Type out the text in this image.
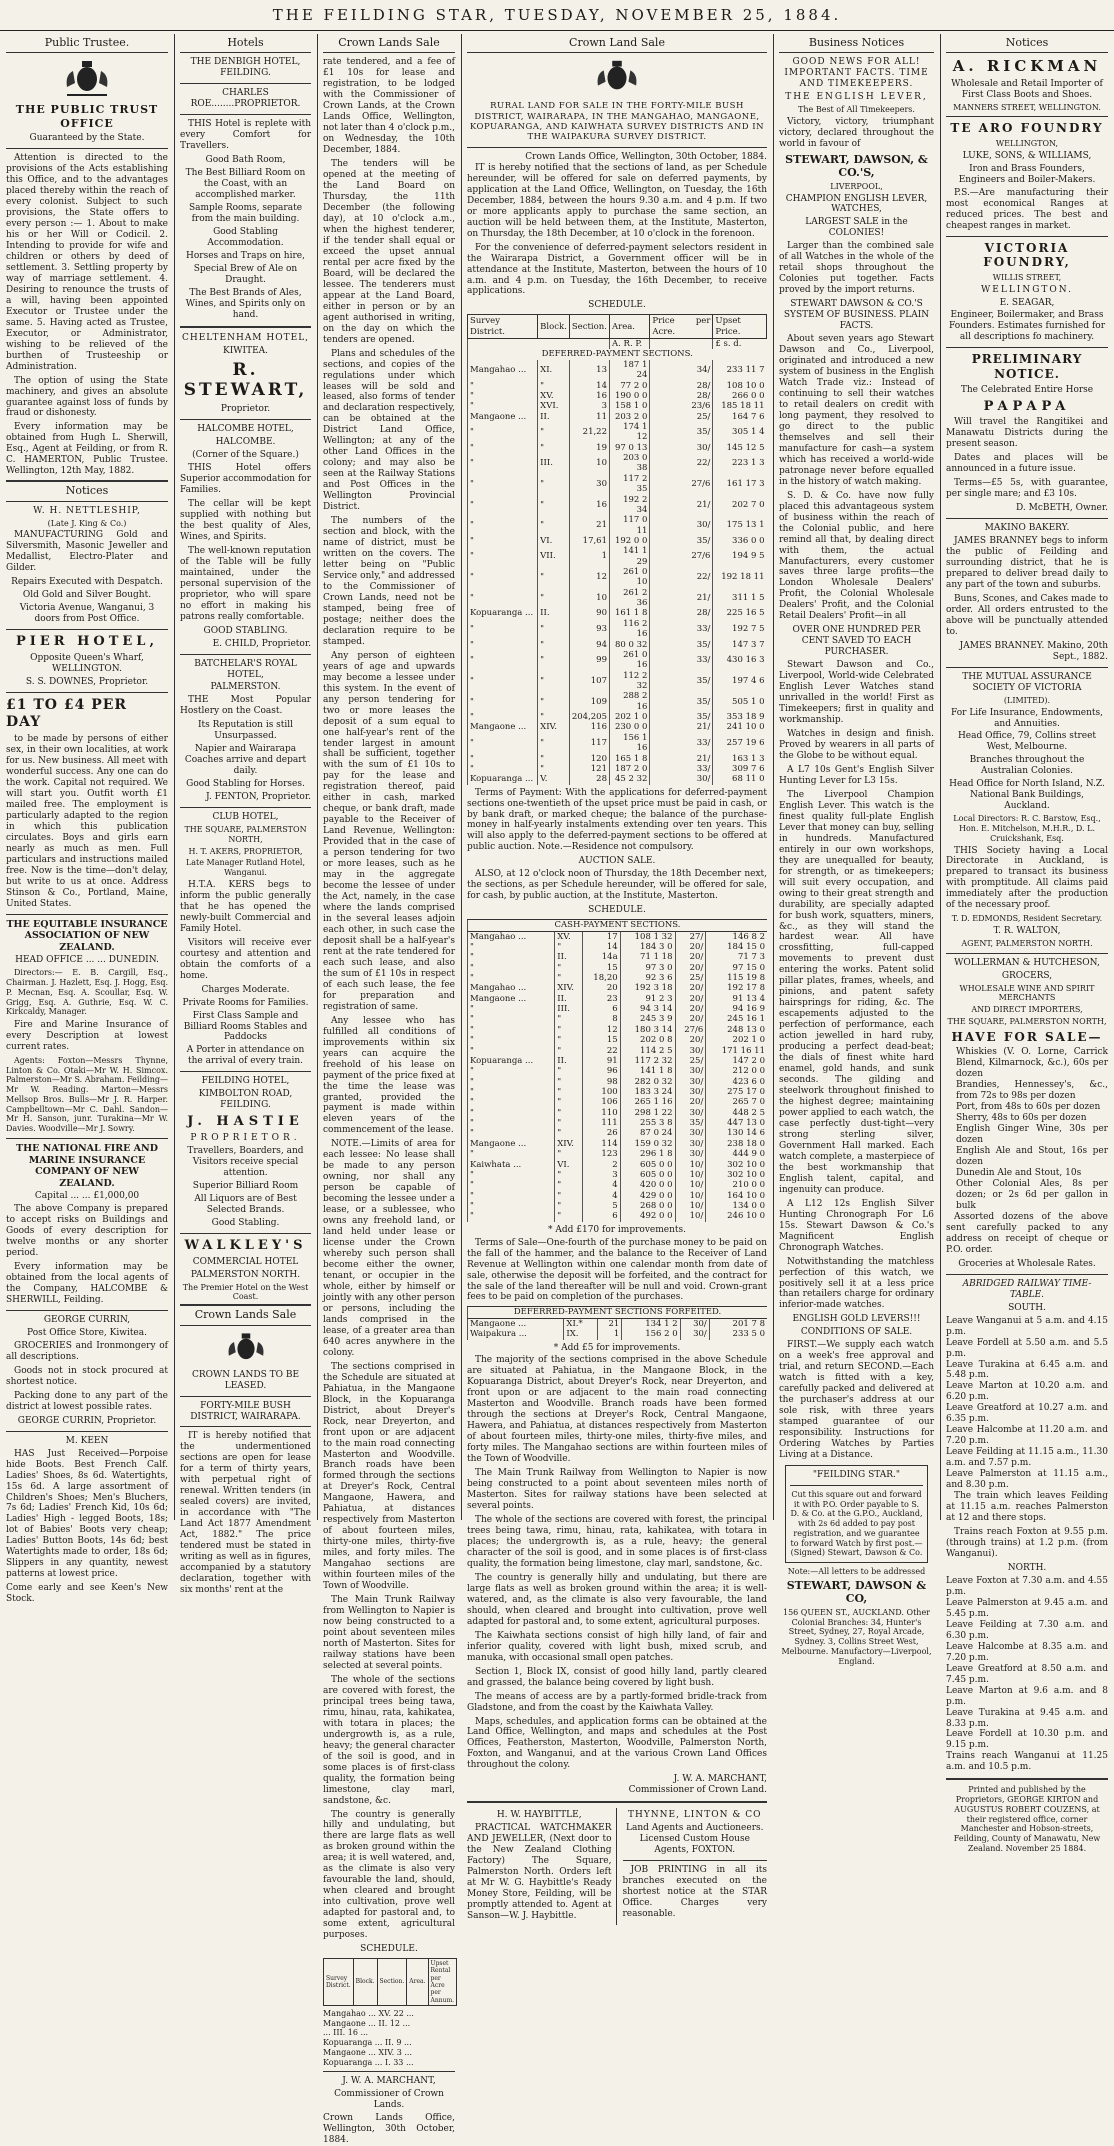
THE FEILDING STAR, TUESDAY, NOVEMBER 25, 1884.
Public Trustee.
THE PUBLIC TRUST OFFICE
Guaranteed by the State.

Attention is directed to the provisions of the Acts establishing this Office, and to the advantages placed thereby within the reach of every colonist. Subject to such provisions, the State offers to every person :— 1. About to make his or her Will or Codicil. 2. Intending to provide for wife and children or others by deed of settlement. 3. Settling property by way of marriage settlement. 4. Desiring to renounce the trusts of a will, having been appointed Executor or Trustee under the same. 5. Having acted as Trustee, Executor, or Administrator, wishing to be relieved of the burthen of Trusteeship or Administration.

The option of using the State machinery, and gives an absolute guarantee against loss of funds by fraud or dishonesty.

Every information may be obtained from Hugh L. Sherwill, Esq., Agent at Feilding, or from R. C. HAMERTON, Public Trustee. Wellington, 12th May, 1882.

Notices
W. H. NETTLESHIP,
(Late J. King & Co.)

MANUFACTURING Gold and Silversmith, Masonic Jeweller and Medallist, Electro-Plater and Gilder.

Repairs Executed with Despatch.
Old Gold and Silver Bought.
Victoria Avenue, Wanganui, 3 doors from Post Office.
PIER HOTEL,
Opposite Queen's Wharf, WELLINGTON.
S. S. DOWNES, Proprietor.
£1 TO £4 PER DAY

to be made by persons of either sex, in their own localities, at work for us. New business. All meet with wonderful success. Any one can do the work. Capital not required. We will start you. Outfit worth £1 mailed free. The employment is particularly adapted to the region in which this publication circulates. Boys and girls earn nearly as much as men. Full particulars and instructions mailed free. Now is the time—don't delay, but write to us at once. Address Stinson & Co., Portland, Maine, United States.

THE EQUITABLE INSURANCE ASSOCIATION OF NEW ZEALAND.
HEAD OFFICE ... ... DUNEDIN.

Directors:— E. B. Cargill, Esq., Chairman. J. Hazlett, Esq. J. Hogg, Esq. P. Mecnan, Esq. A. Scoullar, Esq. W. Grigg, Esq. A. Guthrie, Esq. W. C. Kirkcaldy, Manager.

Fire and Marine Insurance of every Description at lowest current rates.

Agents: Foxton—Messrs Thynne, Linton & Co. Otaki—Mr W. H. Simcox. Palmerston—Mr S. Abraham. Feilding—Mr W. Reading. Marton—Messrs Mellsop Bros. Bulls—Mr J. R. Harper. Campbelltown—Mr C. Dahl. Sandon—Mr H. Sanson, junr. Turakina—Mr W. Davies. Woodville—Mr J. Sowry.

THE NATIONAL FIRE AND MARINE INSURANCE COMPANY OF NEW ZEALAND.
Capital ... ... £1,000,00

The above Company is prepared to accept risks on Buildings and Goods of every description for twelve months or any shorter period.

Every information may be obtained from the local agents of the Company, HALCOMBE & SHERWILL, Feilding.

GEORGE CURRIN,
Post Office Store, Kiwitea.

GROCERIES and Ironmongery of all descriptions.

Goods not in stock procured at shortest notice.

Packing done to any part of the district at lowest possible rates.

GEORGE CURRIN, Proprietor.
M. KEEN

HAS Just Received—Porpoise hide Boots. Best French Calf. Ladies' Shoes, 8s 6d. Watertights, 15s 6d. A large assortment of Children's Shoes; Men's Bluchers, 7s 6d; Ladies' French Kid, 10s 6d; Ladies' High - legged Boots, 18s; lot of Babies' Boots very cheap; Ladies' Button Boots, 14s 6d; best Watertights made to order, 18s 6d; Slippers in any quantity, newest patterns at lowest price.

Come early and see Keen's New Stock.
Hotels
THE DENBIGH HOTEL, FEILDING.
CHARLES ROE........PROPRIETOR.

THIS Hotel is replete with every Comfort for Travellers.

Good Bath Room,
The Best Billiard Room on the Coast, with an accomplished marker.
Sample Rooms, separate from the main building.
Good Stabling Accommodation.
Horses and Traps on hire,
Special Brew of Ale on Draught.
The Best Brands of Ales, Wines, and Spirits only on hand.
CHELTENHAM HOTEL,
KIWITEA.
R. STEWART,
Proprietor.
HALCOMBE HOTEL,
HALCOMBE.
(Corner of the Square.)

THIS Hotel offers Superior accommodation for Families.

The cellar will be kept supplied with nothing but the best quality of Ales, Wines, and Spirits.

The well-known reputation of the Table will be fully maintained, under the personal supervision of the proprietor, who will spare no effort in making his patrons really comfortable.

GOOD STABLING.
E. CHILD, Proprietor.
BATCHELAR'S ROYAL HOTEL,
PALMERSTON.

THE Most Popular Hostlery on the Coast.

Its Reputation is still Unsurpassed.
Napier and Wairarapa Coaches arrive and depart daily.
Good Stabling for Horses.
J. FENTON, Proprietor.
CLUB HOTEL,
THE SQUARE, PALMERSTON NORTH,
H. T. AKERS, PROPRIETOR,
Late Manager Rutland Hotel, Wanganui.

H.T.A. KERS begs to inform the public generally that he has opened the newly-built Commercial and Family Hotel.

Visitors will receive ever courtesy and attention and obtain the comforts of a home.

Charges Moderate.
Private Rooms for Families.
First Class Sample and Billiard Rooms Stables and Paddocks
A Porter in attendance on the arrival of every train.
FEILDING HOTEL,
KIMBOLTON ROAD, FEILDING.
J. HASTIE
PROPRIETOR.
Travellers, Boarders, and Visitors receive special attention.
Superior Billiard Room
All Liquors are of Best Selected Brands.
Good Stabling.
WALKLEY'S
COMMERCIAL HOTEL
PALMERSTON NORTH.
The Premier Hotel on the West Coast.
Crown Lands Sale
CROWN LANDS TO BE LEASED.
FORTY-MILE BUSH DISTRICT, WAIRARAPA.

IT is hereby notified that the undermentioned sections are open for lease for a term of thirty years, with perpetual right of renewal. Written tenders (in sealed covers) are invited, in accordance with "The Land Act 1877 Amendment Act, 1882." The price tendered must be stated in writing as well as in figures, accompanied by a statutory declaration, together with six months' rent at the

Crown Lands Sale

rate tendered, and a fee of £1 10s for lease and registration, to be lodged with the Commissioner of Crown Lands, at the Crown Lands Office, Wellington, not later than 4 o'clock p.m., on Wednesday, the 10th December, 1884.

The tenders will be opened at the meeting of the Land Board on Thursday, the 11th December (the following day), at 10 o'clock a.m., when the highest tenderer, if the tender shall equal or exceed the upset annual rental per acre fixed by the Board, will be declared the lessee. The tenderers must appear at the Land Board, either in person or by an agent authorised in writing, on the day on which the tenders are opened.

Plans and schedules of the sections, and copies of the regulations under which leases will be sold and leased, also forms of tender and declaration respectively, can be obtained at the District Land Office, Wellington; at any of the other Land Offices in the colony; and may also be seen at the Railway Stations and Post Offices in the Wellington Provincial District.

The numbers of the section and block, with the name of district, must be written on the covers. The letter being on "Public Service only," and addressed to the Commissioner of Crown Lands, need not be stamped, being free of postage; neither does the declaration require to be stamped.

Any person of eighteen years of age and upwards may become a lessee under this system. In the event of any person tendering for two or more leases the deposit of a sum equal to one half-year's rent of the tender largest in amount shall be sufficient, together with the sum of £1 10s to pay for the lease and registration thereof, paid either in cash, marked cheque, or bank draft, made payable to the Receiver of Land Revenue, Wellington: Provided that in the case of a person tendering for two or more leases, such as he may in the aggregate become the lessee of under the Act, namely, in the case where the lands comprised in the several leases adjoin each other, in such case the deposit shall be a half-year's rent at the rate tendered for each such lease, and also the sum of £1 10s in respect of each such lease, the fee for preparation and registration of same.

Any lessee who has fulfilled all conditions of improvements within six years can acquire the freehold of his lease on payment of the price fixed at the time the lease was granted, provided the payment is made within eleven years of the commencement of the lease.

NOTE.—Limits of area for each lessee: No lease shall be made to any person owning, nor shall any person be capable of becoming the lessee under a lease, or a sublessee, who owns any freehold land, or land held under lease or license under the Crown whereby such person shall become either the owner, tenant, or occupier in the whole, either by himself or jointly with any other person or persons, including the lands comprised in the lease, of a greater area than 640 acres anywhere in the colony.

The sections comprised in the Schedule are situated at Pahiatua, in the Mangaone Block, in the Kopuaranga District, about Dreyer's Rock, near Dreyerton, and front upon or are adjacent to the main road connecting Masterton and Woodville. Branch roads have been formed through the sections at Dreyer's Rock, Central Mangaone, Hawera, and Pahiatua, at distances respectively from Masterton of about fourteen miles, thirty-one miles, thirty-five miles, and forty miles. The Mangahao sections are within fourteen miles of the Town of Woodville.

The Main Trunk Railway from Wellington to Napier is now being constructed to a point about seventeen miles north of Masterton. Sites for railway stations have been selected at several points.

The whole of the sections are covered with forest, the principal trees being tawa, rimu, hinau, rata, kahikatea, with totara in places; the undergrowth is, as a rule, heavy; the general character of the soil is good, and in some places is of first-class quality, the formation being limestone, clay marl, sandstone, &c.

The country is generally hilly and undulating, but there are large flats as well as broken ground within the area; it is well watered, and, as the climate is also very favourable the land, should, when cleared and brought into cultivation, prove well adapted for pastoral and, to some extent, agricultural purposes.

SCHEDULE.
Survey District.	Block.	Section.	Area.	Upset Rental per Acre per Annum.
Mangahao ... XV. 22 ...
Mangaone ... II. 12 ...
... III. 16 ...
Kopuaranga ... II. 9 ...
Mangaone ... XIV. 3 ...
Kopuaranga ... I. 33 ...
J. W. A. MARCHANT,
Commissioner of Crown Lands.
Crown Lands Office, Wellington, 30th October, 1884.
Crown Land Sale
RURAL LAND FOR SALE IN THE FORTY-MILE BUSH DISTRICT, WAIRARAPA, IN THE MANGAHAO, MANGAONE, KOPUARANGA, AND KAIWHATA SURVEY DISTRICTS AND IN THE WAIPAKURA SURVEY DISTRICT.
Crown Lands Office, Wellington, 30th October, 1884.

IT is hereby notified that the sections of land, as per Schedule hereunder, will be offered for sale on deferred payments, by application at the Land Office, Wellington, on Tuesday, the 16th December, 1884, between the hours 9.30 a.m. and 4 p.m. If two or more applicants apply to purchase the same section, an auction will be held between them, at the Institute, Masterton, on Thursday, the 18th December, at 10 o'clock in the forenoon.

For the convenience of deferred-payment selectors resident in the Wairarapa District, a Government officer will be in attendance at the Institute, Masterton, between the hours of 10 a.m. and 4 p.m. on Tuesday, the 16th December, to receive applications.

SCHEDULE.
Survey District.	Block.	Section.	Area.	Price per Acre.	Upset Price.
			A. R. P.		£ s. d.
DEFERRED-PAYMENT SECTIONS.					
Mangahao ...	XI.	13	187 1 24	34/	233 11 7
"	"	14	77 2 0	28/	108 10 0
"	XV.	16	190 0 0	28/	266 0 0
"	XVI.	3	158 1 0	23/6	185 18 11
Mangaone ...	II.	11	203 2 0	25/	164 7 6
"	"	21,22	174 1 12	35/	305 1 4
"	"	19	97 0 13	30/	145 12 5
"	III.	10	203 0 38	22/	223 1 3
"	"	30	117 2 35	27/6	161 17 3
"	"	16	192 2 34	21/	202 7 0
"	"	21	117 0 11	30/	175 13 1
"	VI.	17,61	192 0 0	35/	336 0 0
"	VII.	1	141 1 29	27/6	194 9 5
"	"	12	261 0 10	22/	192 18 11
"	"	10	261 2 36	21/	311 1 5
Kopuaranga ...	II.	90	161 1 8	28/	225 16 5
"	"	93	116 2 16	33/	192 7 5
"	"	94	80 0 32	35/	147 3 7
"	"	99	261 0 16	33/	430 16 3
"	"	107	112 2 32	35/	197 4 6
"	"	109	288 2 16	35/	505 1 0
"	"	204,205	202 1 0	35/	353 18 9
Mangaone ...	XIV.	116	230 0 0	21/	241 10 0
"	"	117	156 1 16	33/	257 19 6
"	"	120	165 1 8	21/	163 1 3
"	"	121	187 2 0	33/	309 7 6
Kopuaranga ...	V.	28	45 2 32	30/	68 11 0

Terms of Payment: With the applications for deferred-payment sections one-twentieth of the upset price must be paid in cash, or by bank draft, or marked cheque; the balance of the purchase-money in half-yearly instalments extending over ten years. This will also apply to the deferred-payment sections to be offered at public auction. Note.—Residence not compulsory.

AUCTION SALE.

ALSO, at 12 o'clock noon of Thursday, the 18th December next, the sections, as per Schedule hereunder, will be offered for sale, for cash, by public auction, at the Institute, Masterton.

SCHEDULE.
CASH-PAYMENT SECTIONS.					
Mangahao ...	XV.	17	108 1 32	27/	146 8 2
"	"	14	184 3 0	20/	184 15 0
"	II.	14a	71 1 18	20/	71 7 3
"	"	15	97 3 0	20/	97 15 0
"	"	18,20	92 3 6	25/	115 19 8
Mangahao ...	XIV.	20	192 3 18	20/	192 17 8
Mangaone ...	II.	23	91 2 3	20/	91 13 4
"	III.	6	94 3 14	20/	94 16 9
"	"	8	245 3 9	20/	245 16 1
"	"	12	180 3 14	27/6	248 13 0
"	"	15	202 0 8	20/	202 1 0
"	"	22	114 2 5	30/	171 16 11
Kopuaranga ...	II.	91	117 2 32	25/	147 2 0
"	"	96	141 1 8	30/	212 0 0
"	"	98	282 0 32	30/	423 6 0
"	"	100	183 3 24	30/	275 17 0
"	"	106	265 1 16	20/	265 7 0
"	"	110	298 1 22	30/	448 2 5
"	"	111	255 3 8	35/	447 13 0
"	"	26	87 0 24	30/	130 14 6
Mangaone ...	XIV.	114	159 0 32	30/	238 18 0
"	"	123	296 1 8	30/	444 9 0
Kaiwhata ...	VI.	2	605 0 0	10/	302 10 0
"	"	3	605 0 0	10/	302 10 0
"	"	4	420 0 0	10/	210 0 0
"	"	4	429 0 0	10/	164 10 0
"	"	5	268 0 0	10/	134 0 0
"	"	6	492 0 0	10/	246 10 0
* Add £170 for improvements.

Terms of Sale—One-fourth of the purchase money to be paid on the fall of the hammer, and the balance to the Receiver of Land Revenue at Wellington within one calendar month from date of sale, otherwise the deposit will be forfeited, and the contract for the sale of the land thereafter will be null and void. Crown-grant fees to be paid on completion of the purchases.

DEFERRED-PAYMENT SECTIONS FORFEITED.					
Mangaone ...	XI.*	21	134 1 2	30/	201 7 8
Waipakura ...	IX.	1	156 2 0	30/	233 5 0
* Add £5 for improvements.

The majority of the sections comprised in the above Schedule are situated at Pahiatua, in the Mangaone Block, in the Kopuaranga District, about Dreyer's Rock, near Dreyerton, and front upon or are adjacent to the main road connecting Masterton and Woodville. Branch roads have been formed through the sections at Dreyer's Rock, Central Mangaone, Hawera, and Pahiatua, at distances respectively from Masterton of about fourteen miles, thirty-one miles, thirty-five miles, and forty miles. The Mangahao sections are within fourteen miles of the Town of Woodville.

The Main Trunk Railway from Wellington to Napier is now being constructed to a point about seventeen miles north of Masterton. Sites for railway stations have been selected at several points.

The whole of the sections are covered with forest, the principal trees being tawa, rimu, hinau, rata, kahikatea, with totara in places; the undergrowth is, as a rule, heavy; the general character of the soil is good, and in some places is of first-class quality, the formation being limestone, clay marl, sandstone, &c.

The country is generally hilly and undulating, but there are large flats as well as broken ground within the area; it is well-watered, and, as the climate is also very favourable, the land should, when cleared and brought into cultivation, prove well adapted for pastoral and, to some extent, agricultural purposes.

The Kaiwhata sections consist of high hilly land, of fair and inferior quality, covered with light bush, mixed scrub, and manuka, with occasional small open patches.

Section 1, Block IX, consist of good hilly land, partly cleared and grassed, the balance being covered by light bush.

The means of access are by a partly-formed bridle-track from Gladstone, and from the coast by the Kaiwhata Valley.

Maps, schedules, and application forms can be obtained at the Land Office, Wellington, and maps and schedules at the Post Offices, Featherston, Masterton, Woodville, Palmerston North, Foxton, and Wanganui, and at the various Crown Land Offices throughout the colony.

J. W. A. MARCHANT,
Commissioner of Crown Land.
H. W. HAYBITTLE,

PRACTICAL WATCHMAKER AND JEWELLER, (Next door to the New Zealand Clothing Factory) The Square, Palmerston North. Orders left at Mr W. G. Haybittle's Ready Money Store, Feilding, will be promptly attended to. Agent at Sanson—W. J. Haybittle.

THYNNE, LINTON & CO
Land Agents and Auctioneers. Licensed Custom House Agents, FOXTON.

JOB PRINTING in all its branches executed on the shortest notice at the STAR Office. Charges very reasonable.

Business Notices
GOOD NEWS FOR ALL! IMPORTANT FACTS. TIME AND TIMEKEEPERS.
THE ENGLISH LEVER,
The Best of All Timekeepers.

Victory, victory, triumphant victory, declared throughout the world in favour of

STEWART, DAWSON, & CO.'S,
LIVERPOOL,
CHAMPION ENGLISH LEVER, WATCHES,
LARGEST SALE in the COLONIES!

Larger than the combined sale of all Watches in the whole of the retail shops throughout the Colonies put together. Facts proved by the import returns.

STEWART DAWSON & CO.'S SYSTEM OF BUSINESS. PLAIN FACTS.

About seven years ago Stewart Dawson and Co., Liverpool, originated and introduced a new system of business in the English Watch Trade viz.: Instead of continuing to sell their watches to retail dealers on credit with long payment, they resolved to go direct to the public themselves and sell their manufacture for cash—a system which has received a world-wide patronage never before equalled in the history of watch making.

S. D. & Co. have now fully placed this advantageous system of business within the reach of the Colonial public, and here remind all that, by dealing direct with them, the actual Manufacturers, every customer saves three large profits—the London Wholesale Dealers' Profit, the Colonial Wholesale Dealers' Profit, and the Colonial Retail Dealers' Profit—in all

OVER ONE HUNDRED PER CENT SAVED TO EACH PURCHASER.

Stewart Dawson and Co., Liverpool, World-wide Celebrated English Lever Watches stand unrivalled in the world! First as Timekeepers; first in quality and workmanship.

Watches in design and finish. Proved by wearers in all parts of the Globe to be without equal.

A L7 10s Gent's English Silver Hunting Lever for L3 15s.

The Liverpool Champion English Lever. This watch is the finest quality full-plate English Lever that money can buy, selling in hundreds. Manufactured entirely in our own workshops, they are unequalled for beauty, for strength, or as timekeepers; will suit every occupation, and owing to their great strength and durability, are specially adapted for bush work, squatters, miners, &c., as they will stand the hardest wear. All have crossfitting, full-capped movements to prevent dust entering the works. Patent solid pillar plates, frames, wheels, and pinions, and patent safety hairsprings for riding, &c. The escapements adjusted to the perfection of performance, each action jewelled in hard ruby, producing a perfect dead-beat; the dials of finest white hard enamel, gold hands, and sunk seconds. The gilding and steelwork throughout finished to the highest degree; maintaining power applied to each watch, the case perfectly dust-tight—very strong sterling silver, Government Hall marked. Each watch complete, a masterpiece of the best workmanship that English talent, capital, and ingenuity can produce.

A L12 12s English Silver Hunting Chronograph For L6 15s. Stewart Dawson & Co.'s Magnificent English Chronograph Watches.

Notwithstanding the matchless perfection of this watch, we positively sell it at a less price than retailers charge for ordinary inferior-made watches.

ENGLISH GOLD LEVERS!!!
CONDITIONS OF SALE.

FIRST.—We supply each watch on a week's free approval and trial, and return SECOND.—Each watch is fitted with a key, carefully packed and delivered at the purchaser's address at our sole risk, with three years stamped guarantee of our responsibility. Instructions for Ordering Watches by Parties Living at a Distance.

"FEILDING STAR."
Cut this square out and forward it with P.O. Order payable to S. D. & Co. at the G.P.O., Auckland, with 2s 6d added to pay post registration, and we guarantee to forward Watch by first post.—(Signed) Stewart, Dawson & Co.
Note:—All letters to be addressed
STEWART, DAWSON & CO,
156 QUEEN ST., AUCKLAND. Other Colonial Branches: 34, Hunter's Street, Sydney, 27, Royal Arcade, Sydney. 3, Collins Street West, Melbourne. Manufactory—Liverpool, England.
Notices
A. RICKMAN
Wholesale and Retail Importer of First Class Boots and Shoes.
MANNERS STREET, WELLINGTON.
TE ARO FOUNDRY
WELLINGTON,
LUKE, SONS, & WILLIAMS,
Iron and Brass Founders, Engineers and Boiler-Makers.

P.S.—Are manufacturing their most economical Ranges at reduced prices. The best and cheapest ranges in market.

VICTORIA FOUNDRY,
WILLIS STREET,
WELLINGTON.
E. SEAGAR,
Engineer, Boilermaker, and Brass Founders. Estimates furnished for all descriptions fo machinery.
PRELIMINARY NOTICE.
The Celebrated Entire Horse
PAPAPA

Will travel the Rangitikei and Manawatu Districts during the present season.

Dates and places will be announced in a future issue.

Terms—£5 5s, with guarantee, per single mare; and £3 10s.

D. McBETH, Owner.
MAKINO BAKERY.

JAMES BRANNEY begs to inform the public of Feilding and surrounding district, that he is prepared to deliver bread daily to any part of the town and suburbs.

Buns, Scones, and Cakes made to order. All orders entrusted to the above will be punctually attended to.

JAMES BRANNEY. Makino, 20th Sept., 1882.
THE MUTUAL ASSURANCE SOCIETY OF VICTORIA
(LIMITED).
For Life Insurance, Endowments, and Annuities.
Head Office, 79, Collins street West, Melbourne.
Branches throughout the Australian Colonies.
Head Office for North Island, N.Z. National Bank Buildings, Auckland.
Local Directors: R. C. Barstow, Esq., Hon. E. Mitchelson, M.H.R., D. L. Cruickshank, Esq.

THIS Society having a Local Directorate in Auckland, is prepared to transact its business with promptitude. All claims paid immediately after the production of the necessary proof.

T. D. EDMONDS, Resident Secretary.
T. R. WALTON,
AGENT, PALMERSTON NORTH.
WOLLERMAN & HUTCHESON,
GROCERS,
WHOLESALE WINE AND SPIRIT MERCHANTS
AND DIRECT IMPORTERS,
THE SQUARE, PALMERSTON NORTH,
HAVE FOR SALE—
Whiskies (V. O. Lorne, Carrick Blend, Kilmarnock, &c.), 60s per dozen
Brandies, Hennessey's, &c., from 72s to 98s per dozen
Port, from 48s to 60s per dozen
Sherry, 48s to 60s per dozen
English Ginger Wine, 30s per dozen
English Ale and Stout, 16s per dozen
Dunedin Ale and Stout, 10s
Other Colonial Ales, 8s per dozen; or 2s 6d per gallon in bulk

Assorted dozens of the above sent carefully packed to any address on receipt of cheque or P.O. order.

Groceries at Wholesale Rates.
ABRIDGED RAILWAY TIME-TABLE.
SOUTH.
Leave Wanganui at 5 a.m. and 4.15 p.m.
Leave Fordell at 5.50 a.m. and 5.5 p.m.
Leave Turakina at 6.45 a.m. and 5.48 p.m.
Leave Marton at 10.20 a.m. and 6.20 p.m.
Leave Greatford at 10.27 a.m. and 6.35 p.m.
Leave Halcombe at 11.20 a.m. and 7.20 p.m.
Leave Feilding at 11.15 a.m., 11.30 a.m. and 7.57 p.m.
Leave Palmerston at 11.15 a.m., and 8.30 p.m.

The train which leaves Feilding at 11.15 a.m. reaches Palmerston at 12 and there stops.

Trains reach Foxton at 9.55 p.m. (through trains) at 1.2 p.m. (from Wanganui).

NORTH.
Leave Foxton at 7.30 a.m. and 4.55 p.m.
Leave Palmerston at 9.45 a.m. and 5.45 p.m.
Leave Feilding at 7.30 a.m. and 6.30 p.m.
Leave Halcombe at 8.35 a.m. and 7.20 p.m.
Leave Greatford at 8.50 a.m. and 7.45 p.m.
Leave Marton at 9.6 a.m. and 8 p.m.
Leave Turakina at 9.45 a.m. and 8.33 p.m.
Leave Fordell at 10.30 p.m. and 9.15 p.m.
Trains reach Wanganui at 11.25 a.m. and 10.5 p.m.
Printed and published by the Proprietors, GEORGE KIRTON and AUGUSTUS ROBERT COUZENS, at their registered office, corner Manchester and Hobson-streets, Feilding, County of Manawatu, New Zealand. November 25 1884.
